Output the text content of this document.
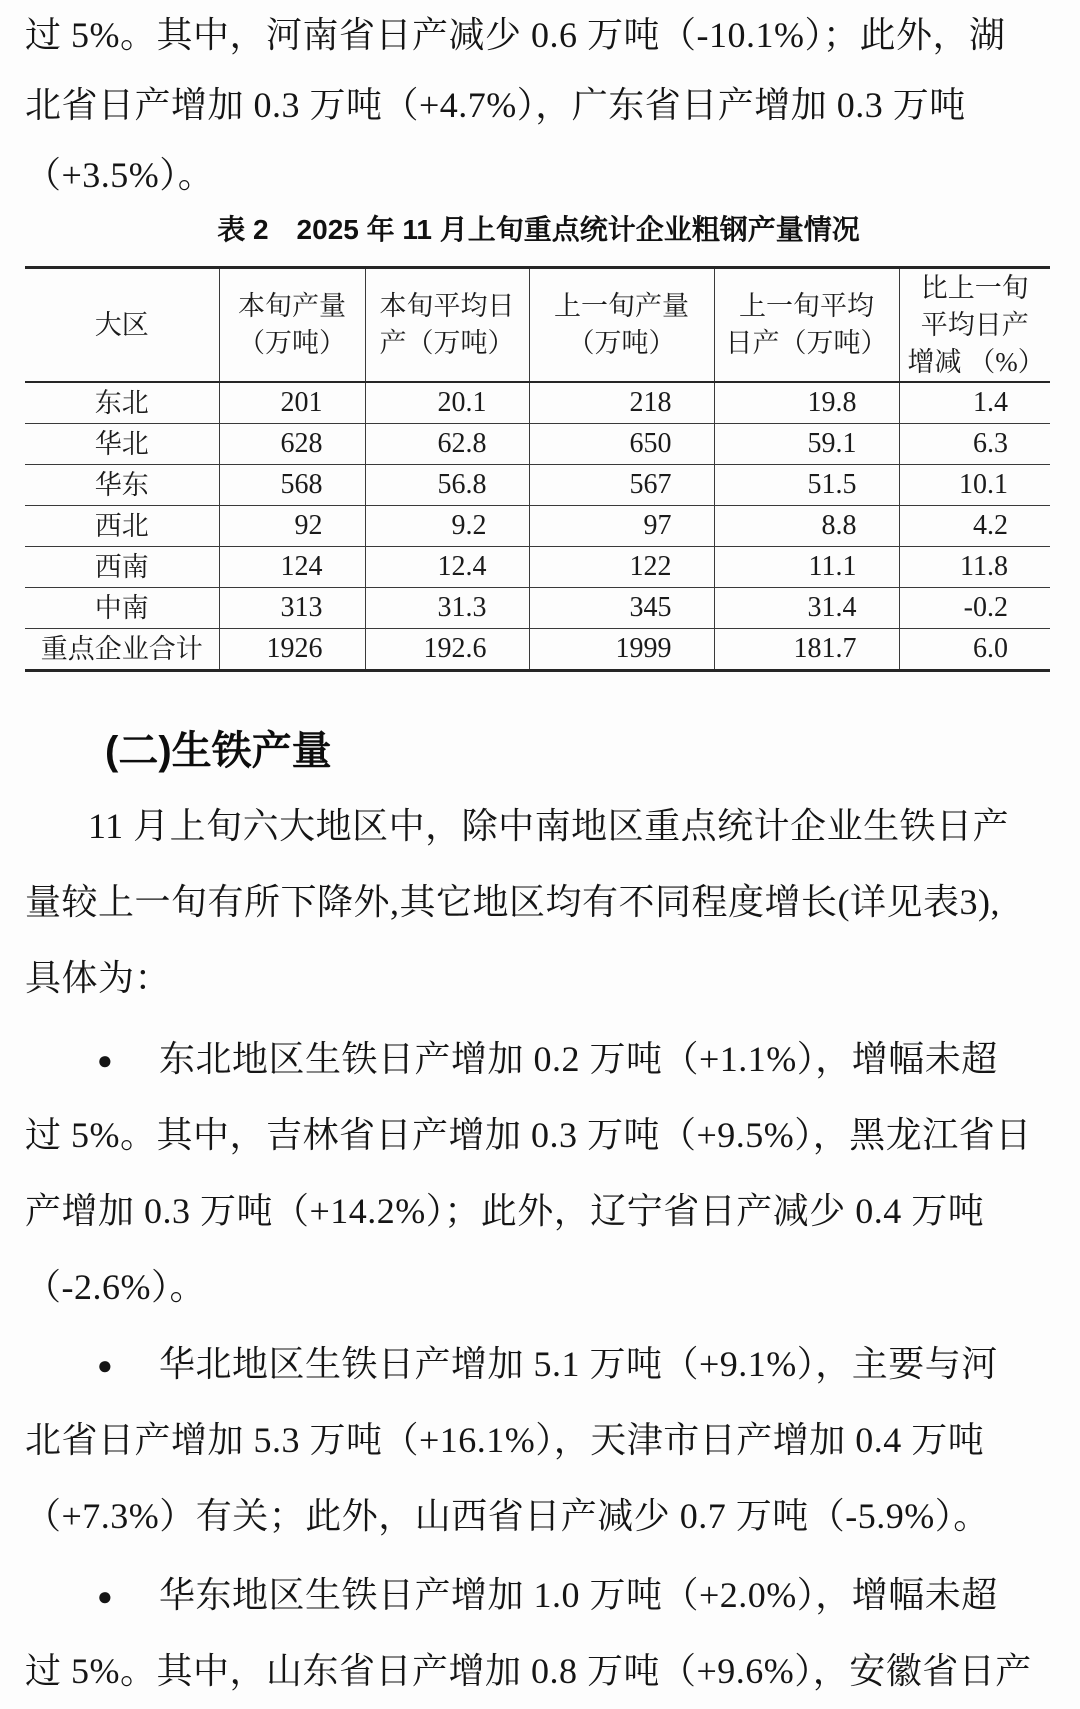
过 5%。其中，河南省日产减少 0.6 万吨（-10.1%）；此外，湖
北省日产增加 0.3 万吨（+4.7%），广东省日产增加 0.3 万吨
（+3.5%）。
表 2　2025 年 11 月上旬重点统计企业粗钢产量情况
大区	本旬产量 （万吨）	本旬平均日产（万吨）	上一旬产量 （万吨）	上一旬平均 日产（万吨）	比上一旬平均日产增减 （%）
东北	201	20.1	218	19.8	1.4
华北	628	62.8	650	59.1	6.3
华东	568	56.8	567	51.5	10.1
西北	92	9.2	97	8.8	4.2
西南	124	12.4	122	11.1	11.8
中南	313	31.3	345	31.4	-0.2
重点企业合计	1926	192.6	1999	181.7	6.0
(二)生铁产量
11 月上旬六大地区中，除中南地区重点统计企业生铁日产
量较上一旬有所下降外,其它地区均有不同程度增长(详见表3),
具体为：
● 东北地区生铁日产增加 0.2 万吨（+1.1%），增幅未超
过 5%。其中，吉林省日产增加 0.3 万吨（+9.5%），黑龙江省日
产增加 0.3 万吨（+14.2%）；此外，辽宁省日产减少 0.4 万吨
（-2.6%）。
● 华北地区生铁日产增加 5.1 万吨（+9.1%），主要与河
北省日产增加 5.3 万吨（+16.1%），天津市日产增加 0.4 万吨
（+7.3%）有关；此外，山西省日产减少 0.7 万吨（-5.9%）。
● 华东地区生铁日产增加 1.0 万吨（+2.0%），增幅未超
过 5%。其中，山东省日产增加 0.8 万吨（+9.6%），安徽省日产
